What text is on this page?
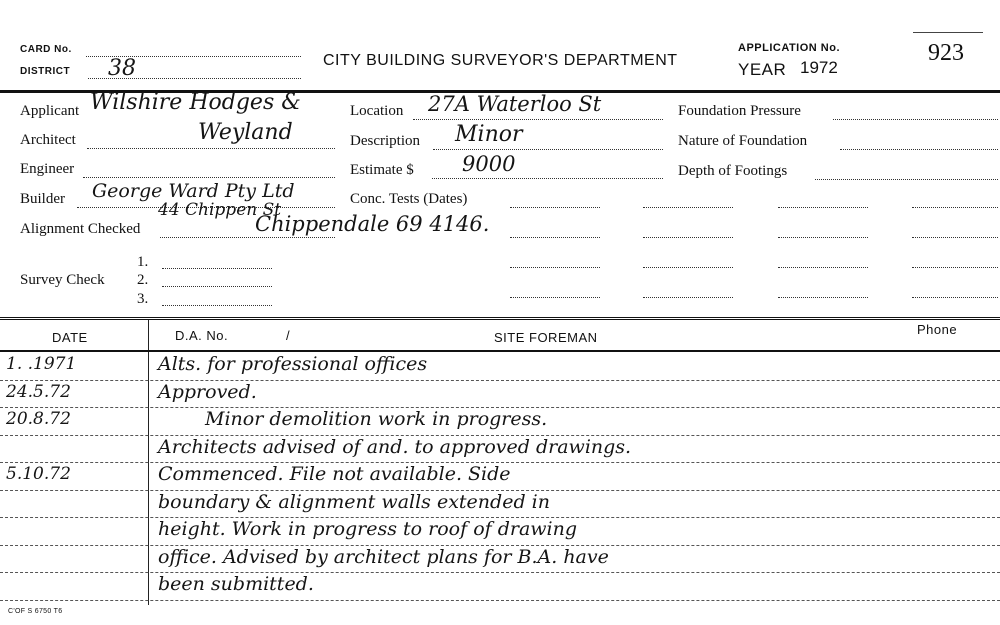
CARD No.
DISTRICT 38	CITY BUILDING SURVEYOR'S DEPARTMENT
APPLICATION No.
YEAR 1972
923
Applicant Wilshire Hodges &
Architect	Weyland
Engineer
Builder George Ward Pty Ltd
44 Chippen St
Alignment Checked	Chippendale 69 4146.
Survey Check
1.
2.
3.
Location 27A Waterloo St
Description Minor
Estimate $ 9000
Conc. Tests (Dates)
Foundation Pressure
Nature of Foundation
Depth of Footings
DATE	D.A. No.	/	SITE FOREMAN
Phone
1. .1971	Alts. for professional offices
24.5.72	Approved.
20.8.72	Minor demolition work in progress.
Architects advised of and. to approved drawings.
5.10.72	Commenced. File not available. Side
boundary & alignment walls extended in
height. Work in progress to roof of drawing
office. Advised by architect plans for B.A. have
been submitted.
C'OF S 6750 T6
